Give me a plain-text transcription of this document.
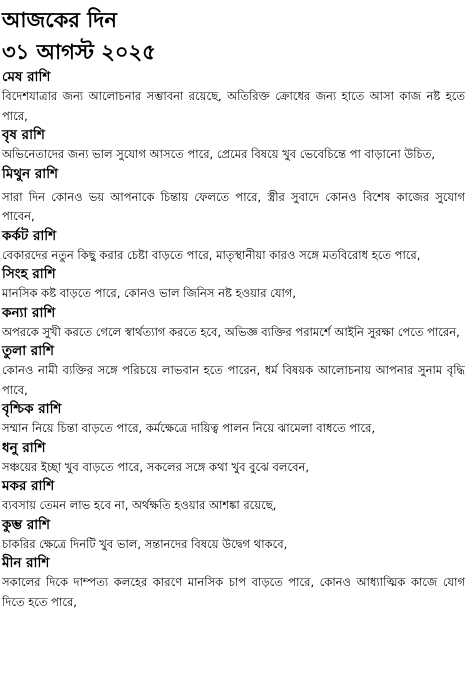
আজকের দিন
৩১ আগস্ট ২০২৫
মেষ রাশি
বিদেশযাত্রার জন্য আলোচনার সম্ভাবনা রয়েছে, অতিরিক্ত ক্রোধের জন্য হাতে আসা কাজ নষ্ট হতে পারে,
বৃষ রাশি
অভিনেতাদের জন্য ভাল সুযোগ আসতে পারে, প্রেমের বিষয়ে খুব ভেবেচিন্তে পা বাড়ানো উচিত,
মিথুন রাশি
সারা দিন কোনও ভয় আপনাকে চিন্তায় ফেলতে পারে, স্ত্রীর সুবাদে কোনও বিশেষ কাজের সুযোগ পাবেন,
কর্কট রাশি
বেকারদের নতুন কিছু করার চেষ্টা বাড়তে পারে, মাতৃস্থানীয়া কারও সঙ্গে মতবিরোধ হতে পারে,
সিংহ রাশি
মানসিক কষ্ট বাড়তে পারে, কোনও ভাল জিনিস নষ্ট হওয়ার যোগ,
কন্যা রাশি
অপরকে সুখী করতে গেলে স্বার্থত্যাগ করতে হবে, অভিজ্ঞ ব্যক্তির পরামর্শে আইনি সুরক্ষা পেতে পারেন,
তুলা রাশি
কোনও নামী ব্যক্তির সঙ্গে পরিচয়ে লাভবান হতে পারেন, ধর্ম বিষয়ক আলোচনায় আপনার সুনাম বৃদ্ধি পাবে,
বৃশ্চিক রাশি
সম্মান নিয়ে চিন্তা বাড়তে পারে, কর্মক্ষেত্রে দায়িত্ব পালন নিয়ে ঝামেলা বাধতে পারে,
ধনু রাশি
সঞ্চয়ের ইচ্ছা খুব বাড়তে পারে, সকলের সঙ্গে কথা খুব বুঝে বলবেন,
মকর রাশি
ব্যবসায় তেমন লাভ হবে না, অর্থক্ষতি হওয়ার আশঙ্কা রয়েছে,
কুম্ভ রাশি
চাকরির ক্ষেত্রে দিনটি খুব ভাল, সন্তানদের বিষয়ে উদ্বেগ থাকবে,
মীন রাশি
সকালের দিকে দাম্পত্য কলহের কারণে মানসিক চাপ বাড়তে পারে, কোনও আধ্যাত্মিক কাজে যোগ দিতে হতে পারে,
